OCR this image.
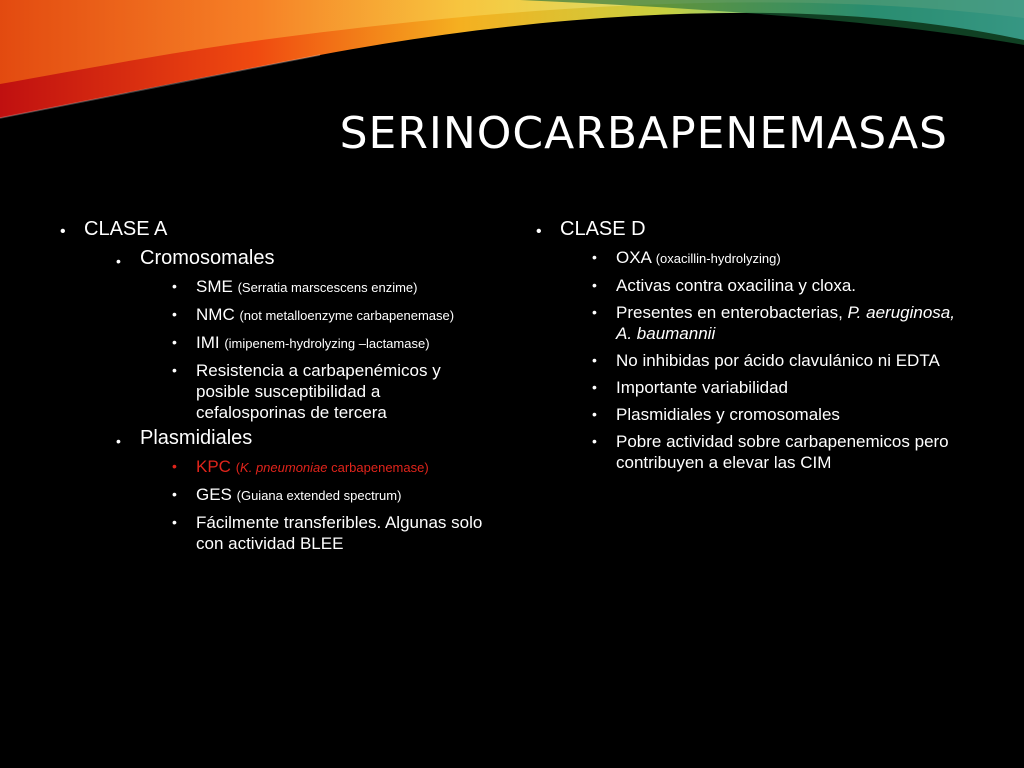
SERINOCARBAPENEMASAS
• CLASE A
• Cromosomales
• SME (Serratia marscescens enzime)
• NMC (not metalloenzyme carbapenemase)
• IMI (imipenem-hydrolyzing –lactamase)
• Resistencia a carbapenémicos y posible susceptibilidad a cefalosporinas de tercera
• Plasmidiales
• KPC (K. pneumoniae carbapenemase)
• GES (Guiana extended spectrum)
• Fácilmente transferibles. Algunas solo con actividad BLEE
• CLASE D
• OXA (oxacillin-hydrolyzing)
• Activas contra oxacilina y cloxa.
• Presentes en enterobacterias, P. aeruginosa, A. baumannii
• No inhibidas por ácido clavulánico ni EDTA
• Importante variabilidad
• Plasmidiales y cromosomales
• Pobre actividad sobre carbapenemicos pero contribuyen a elevar las CIM
